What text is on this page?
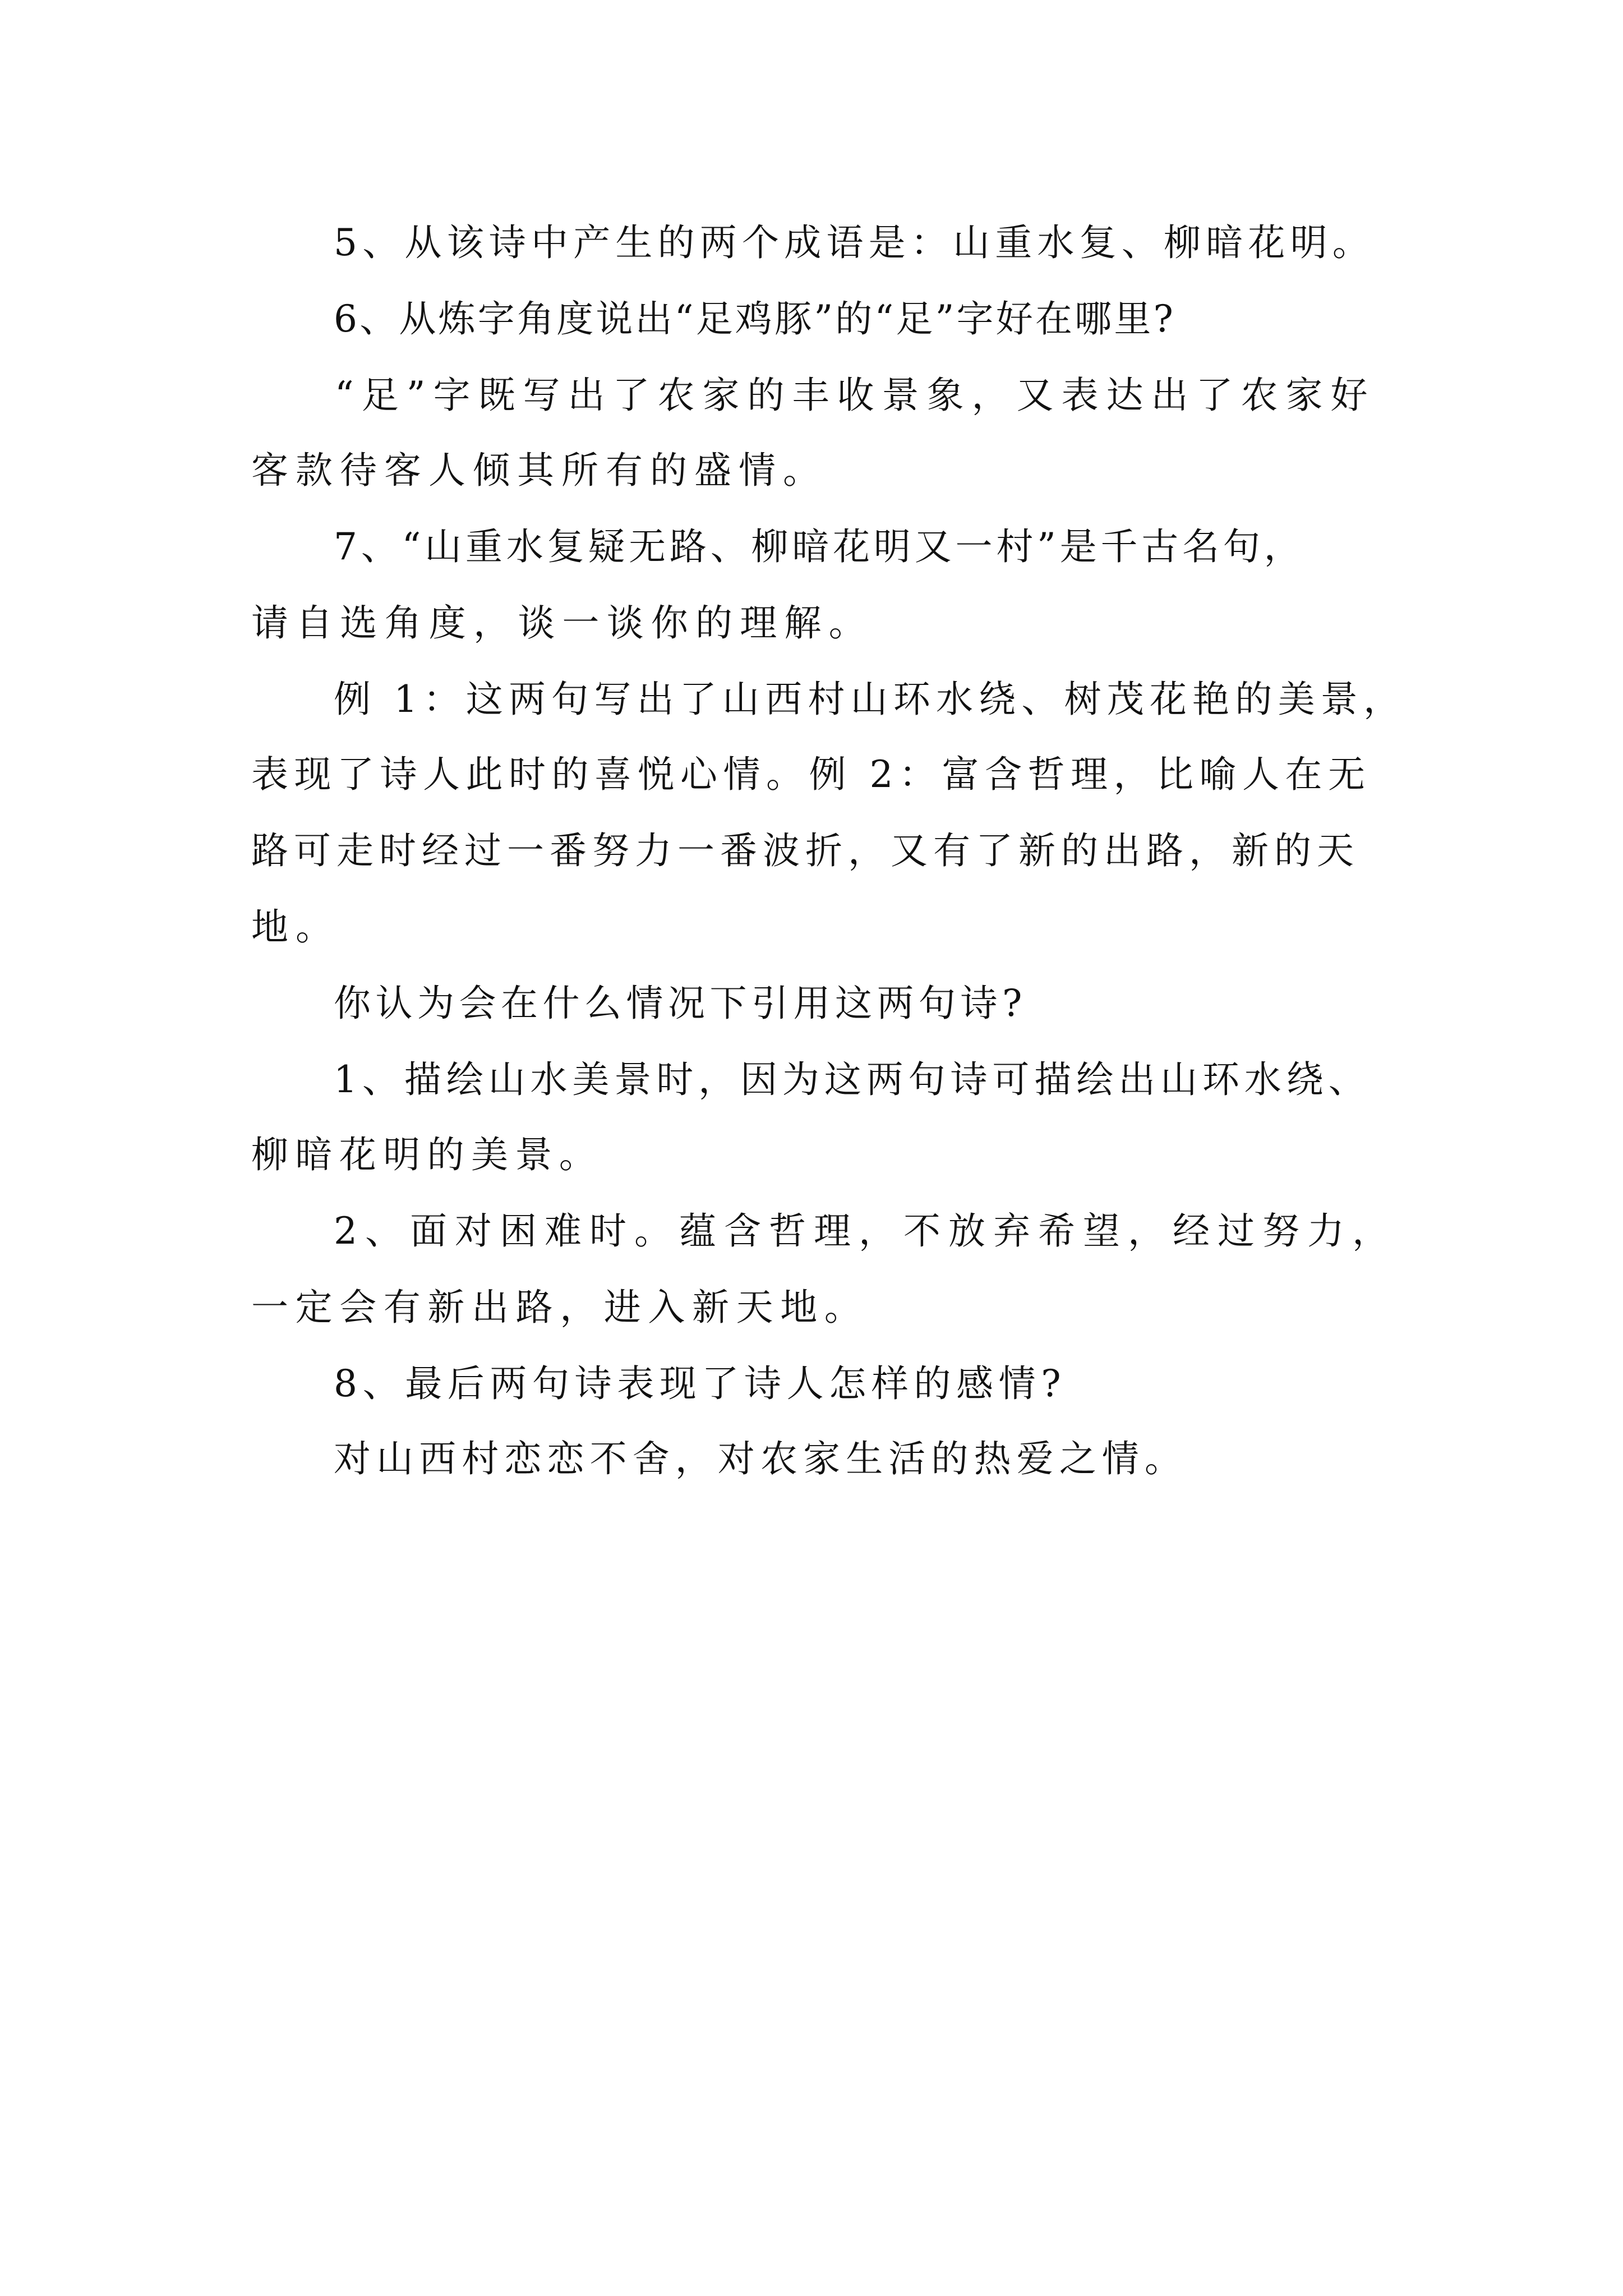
5、从该诗中产生的两个成语是：山重水复、柳暗花明。
6、从炼字角度说出“足鸡豚”的“足”字好在哪里?
“足”字既写出了农家的丰收景象，又表达出了农家好
客款待客人倾其所有的盛情。
7、“山重水复疑无路、柳暗花明又一村”是千古名句，
请自选角度，谈一谈你的理解。
例 1：这两句写出了山西村山环水绕、树茂花艳的美景，
表现了诗人此时的喜悦心情。例 2：富含哲理，比喻人在无
路可走时经过一番努力一番波折，又有了新的出路，新的天
地。
你认为会在什么情况下引用这两句诗?
1、描绘山水美景时，因为这两句诗可描绘出山环水绕、
柳暗花明的美景。
2、面对困难时。蕴含哲理，不放弃希望，经过努力，
一定会有新出路，进入新天地。
8、最后两句诗表现了诗人怎样的感情?
对山西村恋恋不舍，对农家生活的热爱之情。
